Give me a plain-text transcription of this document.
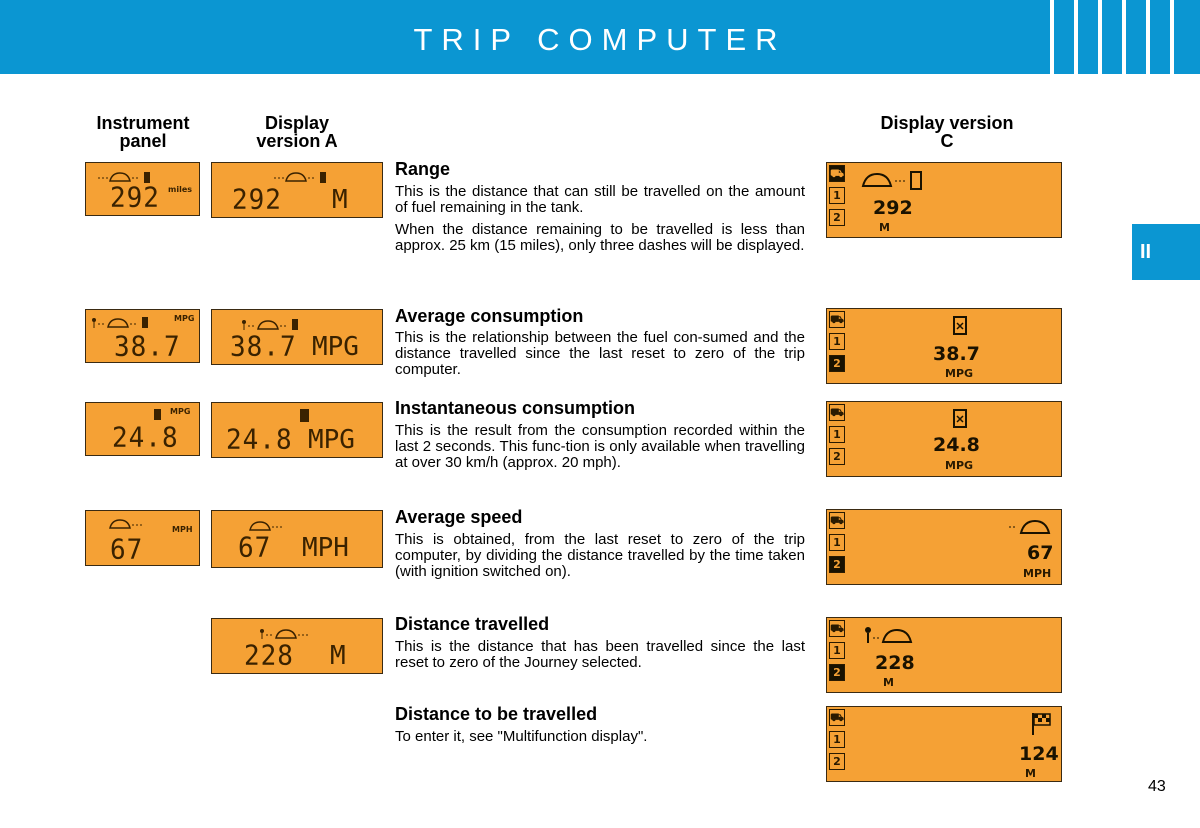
TRIP COMPUTER
Instrument panel
Display version A
Display version C
II
292 miles 292 M
⛟
1
2 292
M
Range

This is the distance that can still be travelled on the amount of fuel remaining in the tank.

When the distance remaining to be travelled is less than approx. 25 km (15 miles), only three dashes will be displayed.

38.7
MPG
38.7 MPG
⛟
1
2	38.7
MPG
Average consumption

This is the relationship between the fuel con-sumed and the distance travelled since the last reset to zero of the trip computer.

24.8
MPG
24.8 MPG
⛟
1
2
24.8
MPG
Instantaneous consumption

This is the result from the consumption recorded within the last 2 seconds. This func-tion is only available when travelling at over 30 km/h (approx. 20 mph).

67
MPH
67 MPH
⛟
1
2
67
MPH
Average speed

This is obtained, from the last reset to zero of the trip computer, by dividing the distance travelled by the time taken (with ignition switched on).

228 M
⛟
1
2 228
M
Distance travelled

This is the distance that has been travelled since the last reset to zero of the Journey selected.

⛟
1
2	124
M
Distance to be travelled

To enter it, see "Multifunction display".

43
